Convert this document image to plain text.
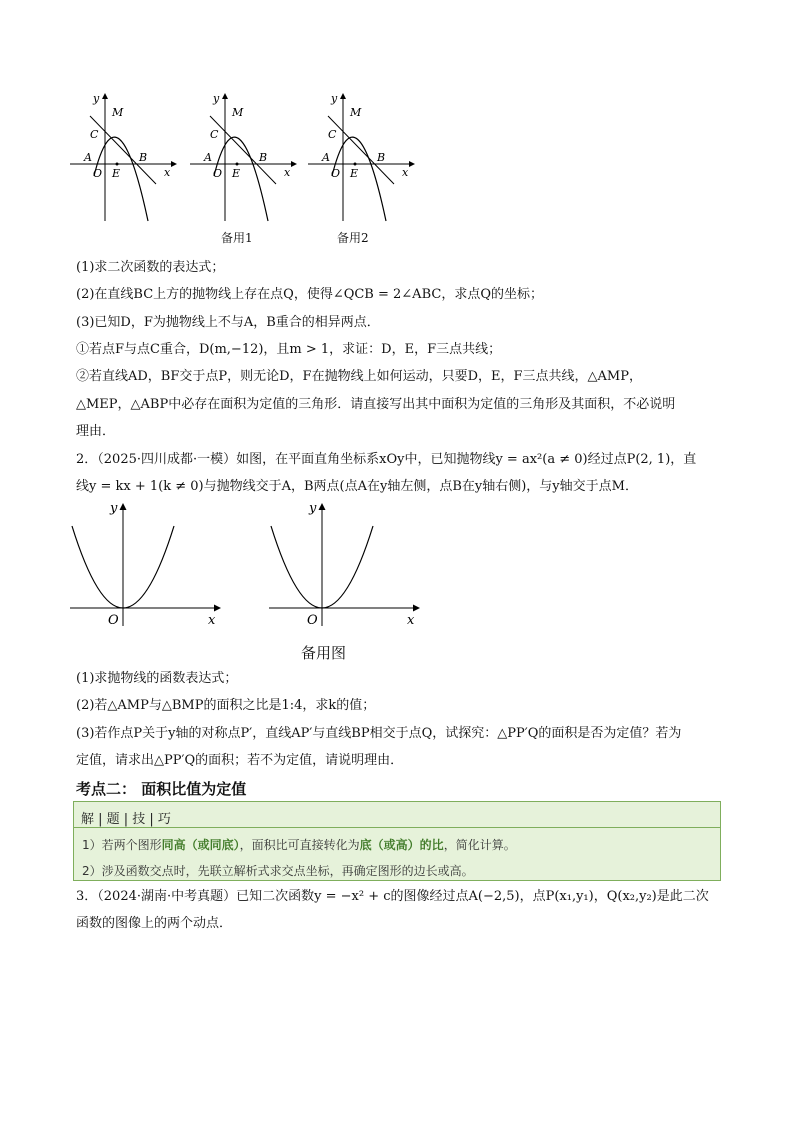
y
x
M
C
A
O E
B
y
x
M
C
A
O E
B
y
x
M
C
A
O E
B
备用1	备用2
(1)求二次函数的表达式；
(2)在直线BC上方的抛物线上存在点Q，使得∠QCB = 2∠ABC，求点Q的坐标；
(3)已知D，F为抛物线上不与A，B重合的相异两点．
①若点F与点C重合，D(m,−12)，且m > 1，求证：D，E，F三点共线；
②若直线AD，BF交于点P，则无论D，F在抛物线上如何运动，只要D，E，F三点共线，△AMP，
△MEP，△ABP中必存在面积为定值的三角形．请直接写出其中面积为定值的三角形及其面积，不必说明
理由．
2．（2025·四川成都·一模）如图，在平面直角坐标系xOy中，已知抛物线y = ax²(a ≠ 0)经过点P(2, 1)，直
线y = kx + 1(k ≠ 0)与抛物线交于A，B两点(点A在y轴左侧，点B在y轴右侧)，与y轴交于点M．
y
x
O
y
x
O
备用图
(1)求抛物线的函数表达式；
(2)若△AMP与△BMP的面积之比是1:4，求k的值；
(3)若作点P关于y轴的对称点P′，直线AP′与直线BP相交于点Q，试探究：△PP′Q的面积是否为定值？若为
定值，请求出△PP′Q的面积；若不为定值，请说明理由．
考点二： 面积比值为定值
解 | 题 | 技 | 巧
1）若两个图形同高（或同底），面积比可直接转化为底（或高）的比，简化计算。
2）涉及函数交点时，先联立解析式求交点坐标，再确定图形的边长或高。
3．（2024·湖南·中考真题）已知二次函数y = −x² + c的图像经过点A(−2,5)，点P(x₁,y₁)，Q(x₂,y₂)是此二次
函数的图像上的两个动点．
